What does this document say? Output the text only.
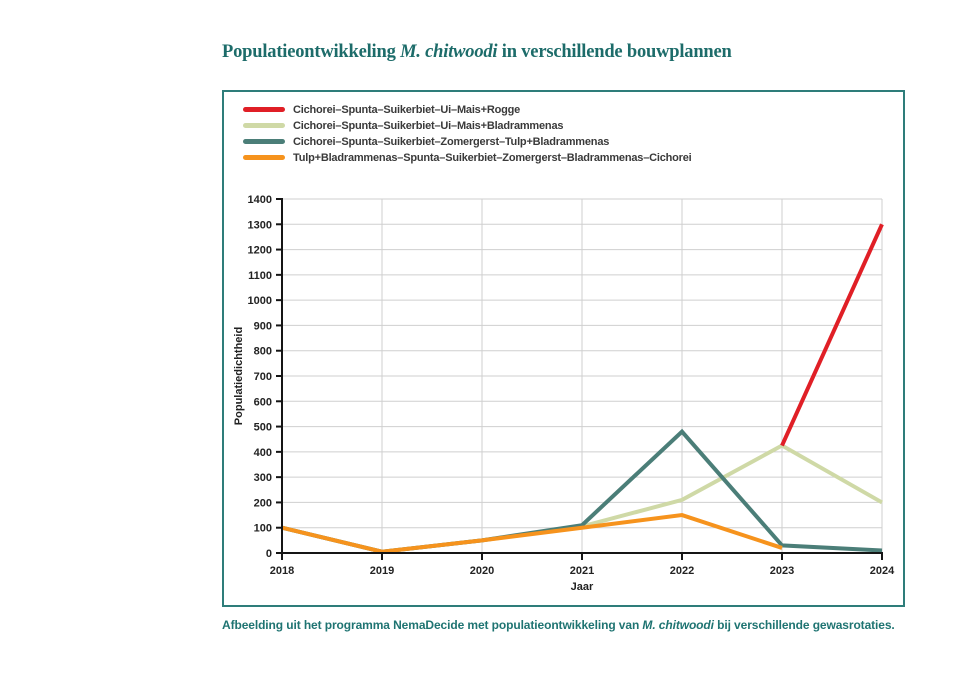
Populatieontwikkeling M. chitwoodi in verschillende bouwplannen
0
100
200
300
400
500
600
700
800
900
1000
1100
1200
1300
1400
2018	2019	2020	2021	2022	2023	2024
Jaar
Populatiedichtheid
Cichorei–Spunta–Suikerbiet–Ui–Mais+Rogge
Cichorei–Spunta–Suikerbiet–Ui–Mais+Bladrammenas
Cichorei–Spunta–Suikerbiet–Zomergerst–Tulp+Bladrammenas
Tulp+Bladrammenas–Spunta–Suikerbiet–Zomergerst–Bladrammenas–Cichorei

Afbeelding uit het programma NemaDecide met populatieontwikkeling van M. chitwoodi bij verschillende gewasrotaties.
